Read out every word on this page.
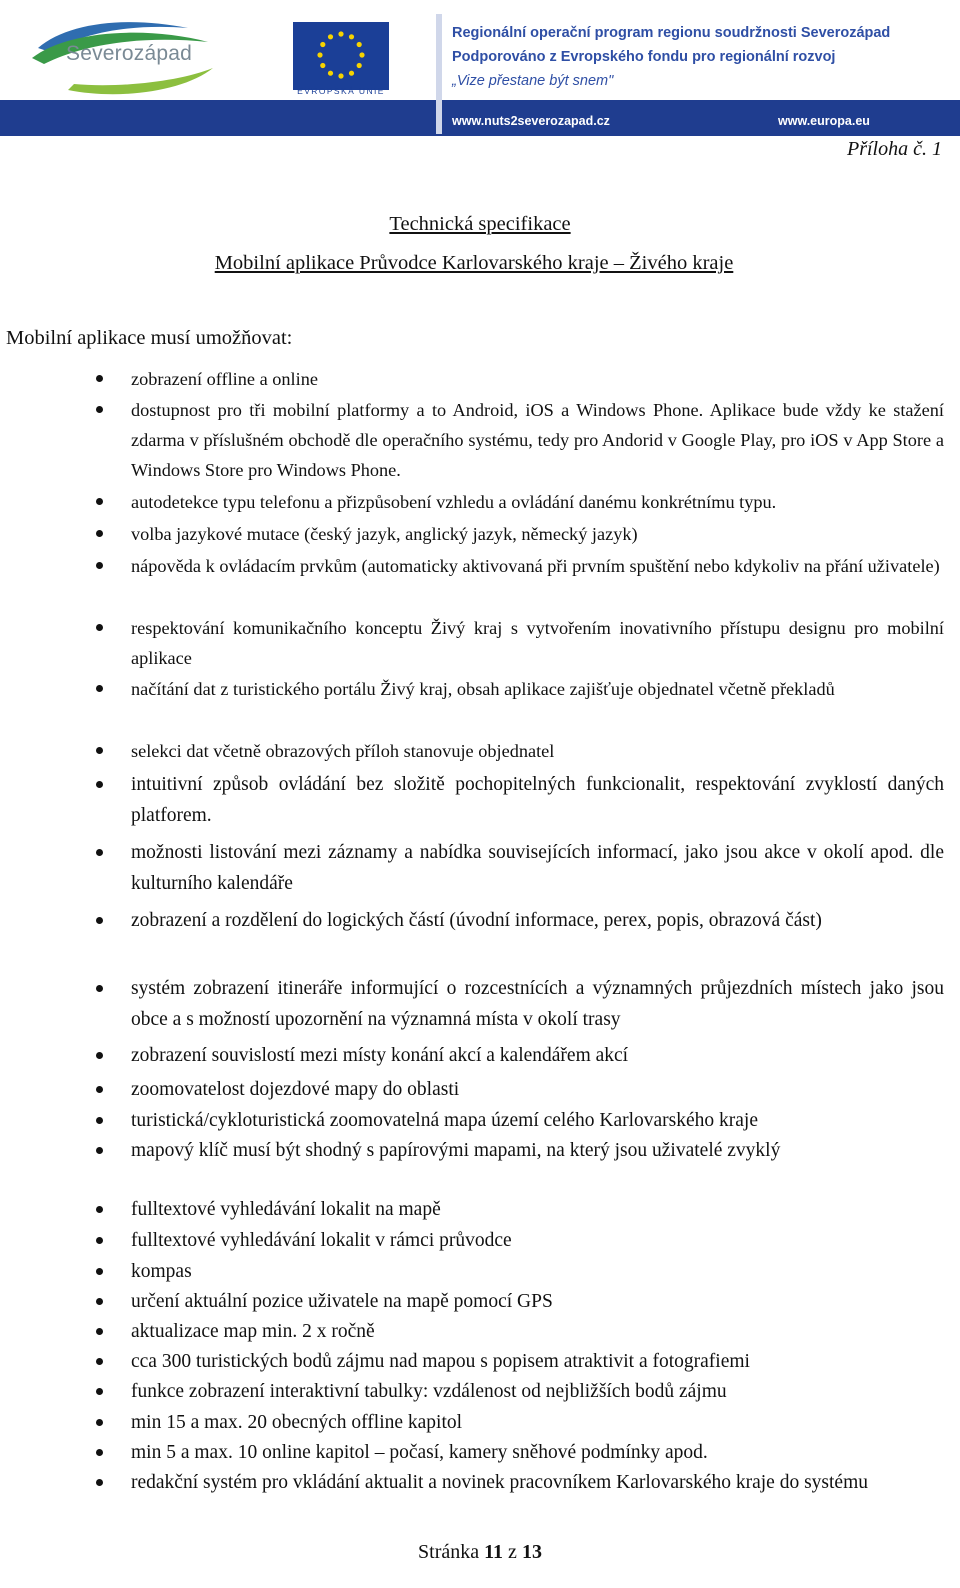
Severozápad
EVROPSKÁ UNIE
Regionální operační program regionu soudržnosti Severozápad
Podporováno z Evropského fondu pro regionální rozvoj
„Vize přestane být snem"
www.nuts2severozapad.cz	www.europa.eu
Příloha č. 1
Technická specifikace
Mobilní aplikace Průvodce Karlovarského kraje – Živého kraje
Mobilní aplikace musí umožňovat:
zobrazení offline a online
dostupnost pro tři mobilní platformy a to Android, iOS a Windows Phone. Aplikace bude vždy ke stažení zdarma v příslušném obchodě dle operačního systému, tedy pro Andorid v Google Play, pro iOS v App Store a Windows Store pro Windows Phone.
autodetekce typu telefonu a přizpůsobení vzhledu a ovládání danému konkrétnímu typu.
volba jazykové mutace (český jazyk, anglický jazyk, německý jazyk)
nápověda k ovládacím prvkům (automaticky aktivovaná při prvním spuštění nebo kdykoliv na přání uživatele)
respektování komunikačního konceptu Živý kraj s vytvořením inovativního přístupu designu pro mobilní aplikace
načítání dat z turistického portálu Živý kraj, obsah aplikace zajišťuje objednatel včetně překladů
selekci dat včetně obrazových příloh stanovuje objednatel
intuitivní způsob ovládání bez složitě pochopitelných funkcionalit, respektování zvyklostí daných platforem.
možnosti listování mezi záznamy a nabídka souvisejících informací, jako jsou akce v okolí apod. dle kulturního kalendáře
zobrazení a rozdělení do logických částí (úvodní informace, perex, popis, obrazová část)
systém zobrazení itineráře informující o rozcestnících a významných průjezdních místech jako jsou obce a s možností upozornění na významná místa v okolí trasy
zobrazení souvislostí mezi místy konání akcí a kalendářem akcí
zoomovatelost dojezdové mapy do oblasti
turistická/cykloturistická zoomovatelná mapa území celého Karlovarského kraje
mapový klíč musí být shodný s papírovými mapami, na který jsou uživatelé zvyklý
fulltextové vyhledávání lokalit na mapě
fulltextové vyhledávání lokalit v rámci průvodce
kompas
určení aktuální pozice uživatele na mapě pomocí GPS
aktualizace map min. 2 x ročně
cca 300 turistických bodů zájmu nad mapou s popisem atraktivit a fotografiemi
funkce zobrazení interaktivní tabulky: vzdálenost od nejbližších bodů zájmu
min 15 a max. 20 obecných offline kapitol
min 5 a max. 10 online kapitol – počasí, kamery sněhové podmínky apod.
redakční systém pro vkládání aktualit a novinek pracovníkem Karlovarského kraje do systému
Stránka 11 z 13
